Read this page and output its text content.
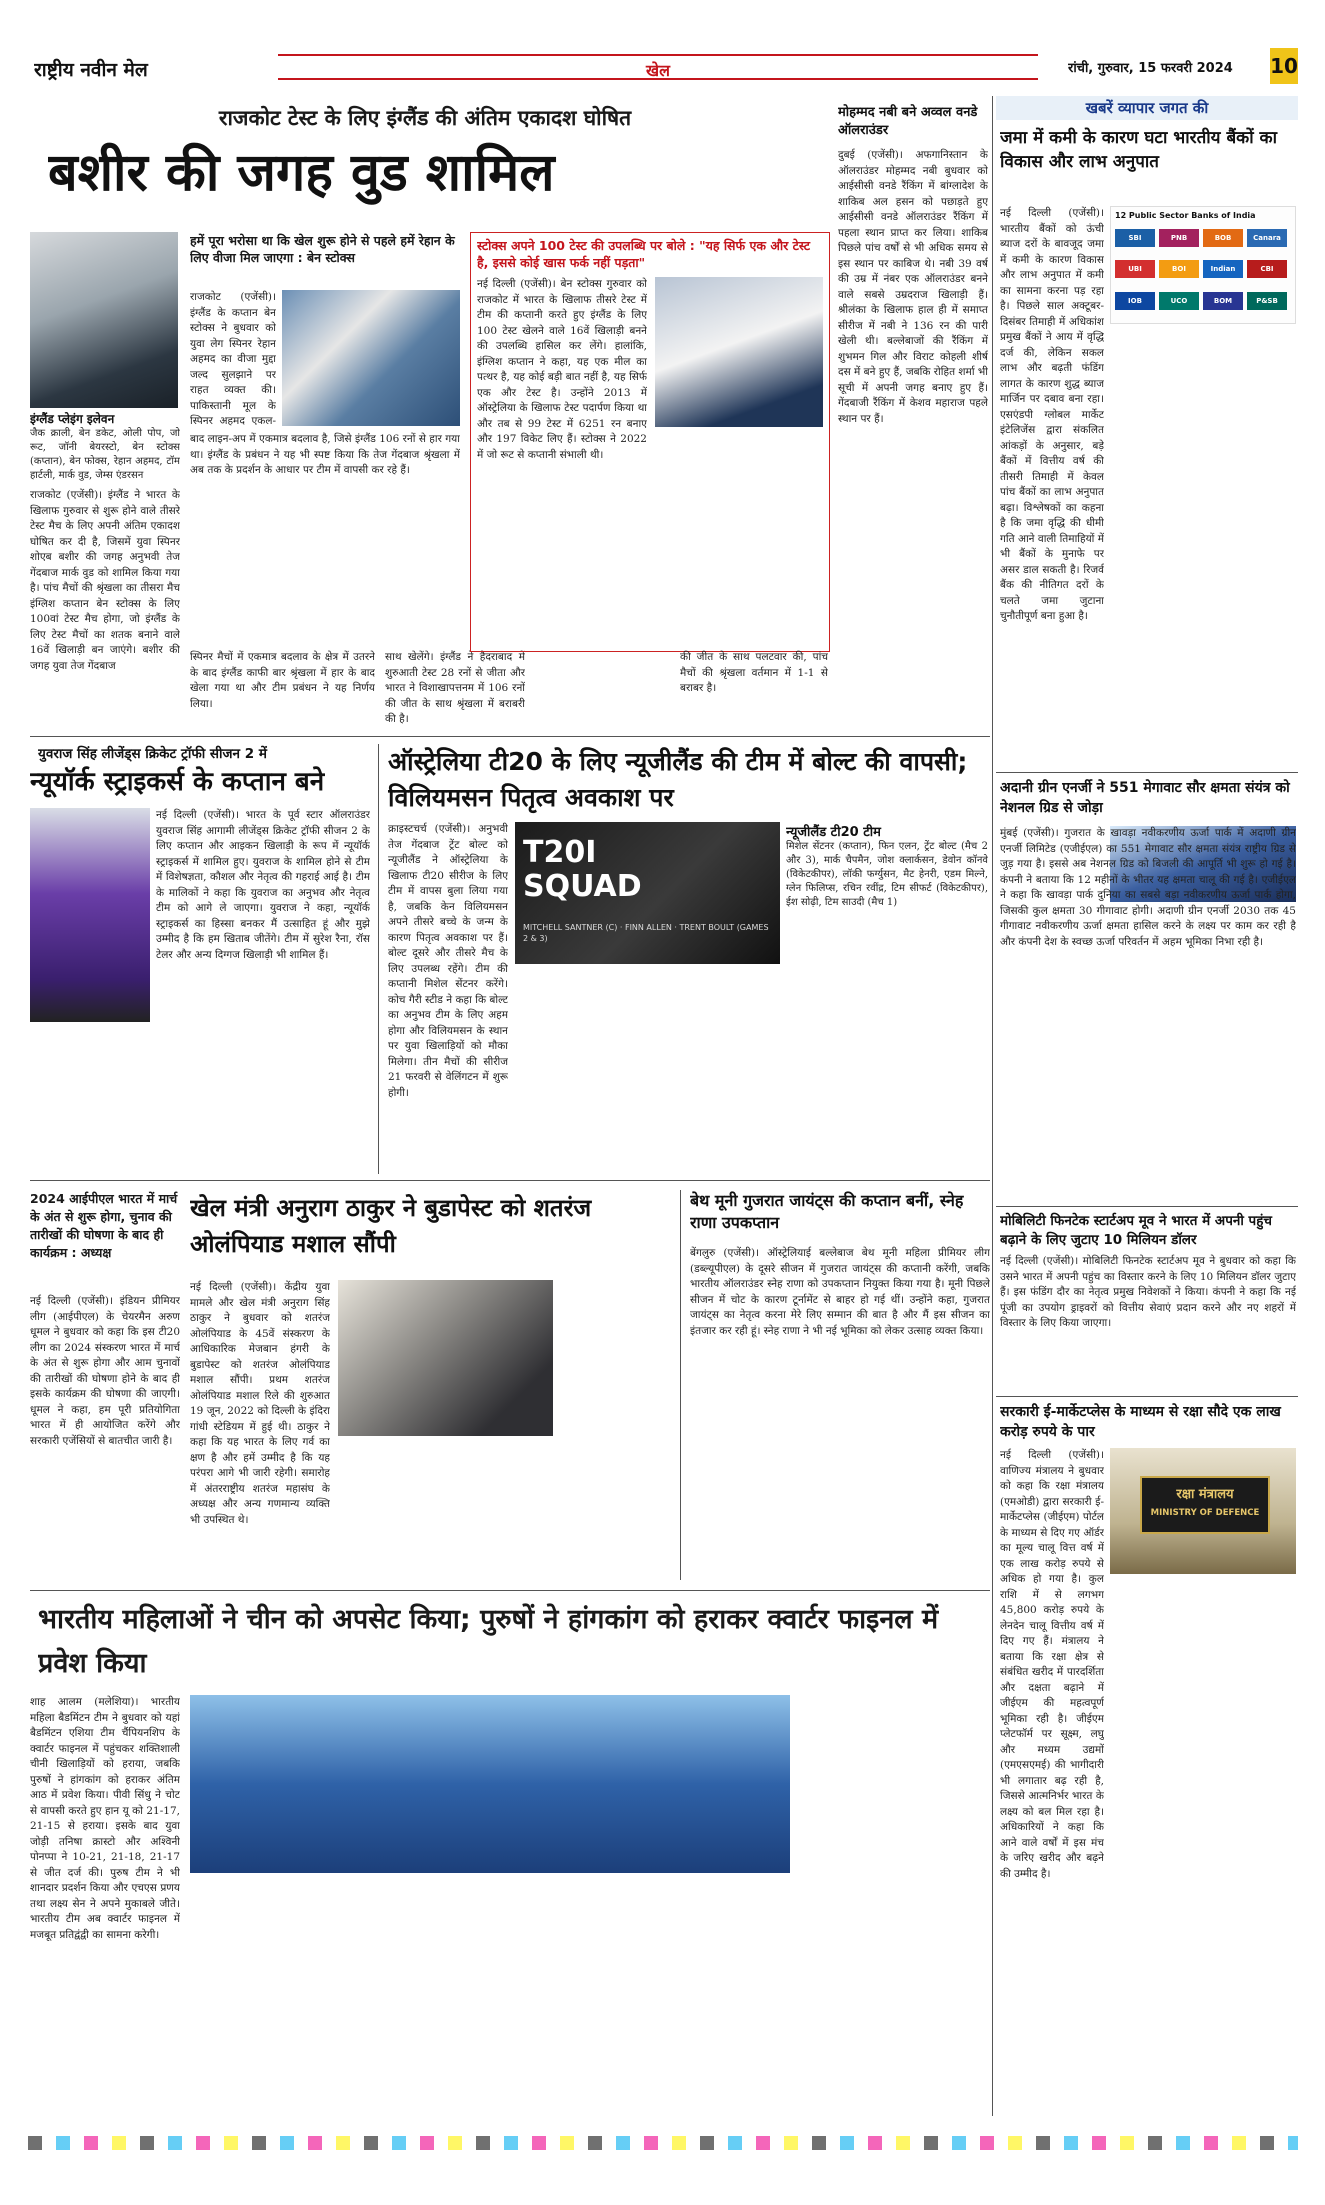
राष्ट्रीय नवीन मेल	खेल	रांची, गुरुवार, 15 फरवरी 2024	10
राजकोट टेस्ट के लिए इंग्लैंड की अंतिम एकादश घोषित
बशीर की जगह वुड शामिल
इंग्लैंड प्लेइंग इलेवन
जैक क्राली, बेन डकेट, ओली पोप, जो रूट, जॉनी बेयरस्टो, बेन स्टोक्स (कप्तान), बेन फोक्स, रेहान अहमद, टॉम हार्टली, मार्क वुड, जेम्स एंडरसन
राजकोट (एजेंसी)। इंग्लैंड ने भारत के खिलाफ गुरुवार से शुरू होने वाले तीसरे टेस्ट मैच के लिए अपनी अंतिम एकादश घोषित कर दी है, जिसमें युवा स्पिनर शोएब बशीर की जगह अनुभवी तेज गेंदबाज मार्क वुड को शामिल किया गया है। पांच मैचों की श्रृंखला का तीसरा मैच इंग्लिश कप्तान बेन स्टोक्स के लिए 100वां टेस्ट मैच होगा, जो इंग्लैंड के लिए टेस्ट मैचों का शतक बनाने वाले 16वें खिलाड़ी बन जाएंगे। बशीर की जगह युवा तेज गेंदबाज
हमें पूरा भरोसा था कि खेल शुरू होने से पहले हमें रेहान के लिए वीजा मिल जाएगा : बेन स्टोक्स
राजकोट (एजेंसी)। इंग्लैंड के कप्तान बेन स्टोक्स ने बुधवार को युवा लेग स्पिनर रेहान अहमद का वीजा मुद्दा जल्द सुलझाने पर राहत व्यक्त की। पाकिस्तानी मूल के स्पिनर अहमद एकल-
बाद लाइन-अप में एकमात्र बदलाव है, जिसे इंग्लैंड 106 रनों से हार गया था। इंग्लैंड के प्रबंधन ने यह भी स्पष्ट किया कि तेज गेंदबाज श्रृंखला में अब तक के प्रदर्शन के आधार पर टीम में वापसी कर रहे हैं।
स्पिनर मैचों में एकमात्र बदलाव के क्षेत्र में उतरने के बाद इंग्लैंड काफी बार श्रृंखला में हार के बाद खेला गया था और टीम प्रबंधन ने यह निर्णय लिया।
साथ खेलेंगे। इंग्लैंड ने हैदराबाद में शुरुआती टेस्ट 28 रनों से जीता और भारत ने विशाखापत्तनम में 106 रनों की जीत के साथ श्रृंखला में बराबरी की है।
स्टोक्स अपने 100 टेस्ट की उपलब्धि पर बोले : "यह सिर्फ एक और टेस्ट है, इससे कोई खास फर्क नहीं पड़ता"
नई दिल्ली (एजेंसी)। बेन स्टोक्स गुरुवार को राजकोट में भारत के खिलाफ तीसरे टेस्ट में टीम की कप्तानी करते हुए इंग्लैंड के लिए 100 टेस्ट खेलने वाले 16वें खिलाड़ी बनने की उपलब्धि हासिल कर लेंगे। हालांकि, इंग्लिश कप्तान ने कहा, यह एक मील का पत्थर है, यह कोई बड़ी बात नहीं है, यह सिर्फ एक और टेस्ट है। उन्होंने 2013 में ऑस्ट्रेलिया के खिलाफ टेस्ट पदार्पण किया था और तब से 99 टेस्ट में 6251 रन बनाए और 197 विकेट लिए हैं। स्टोक्स ने 2022 में जो रूट से कप्तानी संभाली थी।
की जीत के साथ पलटवार की, पांच मैचों की श्रृंखला वर्तमान में 1-1 से बराबर है।
मोहम्मद नबी बने अव्वल वनडे ऑलराउंडर
दुबई (एजेंसी)। अफगानिस्तान के ऑलराउंडर मोहम्मद नबी बुधवार को आईसीसी वनडे रैंकिंग में बांग्लादेश के शाकिब अल हसन को पछाड़ते हुए आईसीसी वनडे ऑलराउंडर रैंकिंग में पहला स्थान प्राप्त कर लिया। शाकिब पिछले पांच वर्षों से भी अधिक समय से इस स्थान पर काबिज थे। नबी 39 वर्ष की उम्र में नंबर एक ऑलराउंडर बनने वाले सबसे उम्रदराज खिलाड़ी हैं। श्रीलंका के खिलाफ हाल ही में समाप्त सीरीज में नबी ने 136 रन की पारी खेली थी। बल्लेबाजों की रैंकिंग में शुभमन गिल और विराट कोहली शीर्ष दस में बने हुए हैं, जबकि रोहित शर्मा भी सूची में अपनी जगह बनाए हुए हैं। गेंदबाजी रैंकिंग में केशव महाराज पहले स्थान पर हैं।
युवराज सिंह लीजेंड्स क्रिकेट ट्रॉफी सीजन 2 में
न्यूयॉर्क स्ट्राइकर्स के कप्तान बने
नई दिल्ली (एजेंसी)। भारत के पूर्व स्टार ऑलराउंडर युवराज सिंह आगामी लीजेंड्स क्रिकेट ट्रॉफी सीजन 2 के लिए कप्तान और आइकन खिलाड़ी के रूप में न्यूयॉर्क स्ट्राइकर्स में शामिल हुए। युवराज के शामिल होने से टीम में विशेषज्ञता, कौशल और नेतृत्व की गहराई आई है। टीम के मालिकों ने कहा कि युवराज का अनुभव और नेतृत्व टीम को आगे ले जाएगा। युवराज ने कहा, न्यूयॉर्क स्ट्राइकर्स का हिस्सा बनकर मैं उत्साहित हूं और मुझे उम्मीद है कि हम खिताब जीतेंगे। टीम में सुरेश रैना, रॉस टेलर और अन्य दिग्गज खिलाड़ी भी शामिल हैं।
ऑस्ट्रेलिया टी20 के लिए न्यूजीलैंड की टीम में बोल्ट की वापसी; विलियमसन पितृत्व अवकाश पर
क्राइस्टचर्च (एजेंसी)। अनुभवी तेज गेंदबाज ट्रेंट बोल्ट को न्यूजीलैंड ने ऑस्ट्रेलिया के खिलाफ टी20 सीरीज के लिए टीम में वापस बुला लिया गया है, जबकि केन विलियमसन अपने तीसरे बच्चे के जन्म के कारण पितृत्व अवकाश पर हैं। बोल्ट दूसरे और तीसरे मैच के लिए उपलब्ध रहेंगे। टीम की कप्तानी मिशेल सेंटनर करेंगे। कोच गैरी स्टीड ने कहा कि बोल्ट का अनुभव टीम के लिए अहम होगा और विलियमसन के स्थान पर युवा खिलाड़ियों को मौका मिलेगा। तीन मैचों की सीरीज 21 फरवरी से वेलिंगटन में शुरू होगी।
T20I SQUAD
MITCHELL SANTNER (C) · FINN ALLEN · TRENT BOULT (GAMES 2 & 3)
न्यूजीलैंड टी20 टीम
मिशेल सेंटनर (कप्तान), फिन एलन, ट्रेंट बोल्ट (मैच 2 और 3), मार्क चैपमैन, जोश क्लार्कसन, डेवोन कॉनवे (विकेटकीपर), लॉकी फर्ग्युसन, मैट हेनरी, एडम मिल्ने, ग्लेन फिलिप्स, रचिन रवींद्र, टिम सीफर्ट (विकेटकीपर), ईश सोढ़ी, टिम साउदी (मैच 1)
2024 आईपीएल भारत में मार्च के अंत से शुरू होगा, चुनाव की तारीखों की घोषणा के बाद ही कार्यक्रम : अध्यक्ष
नई दिल्ली (एजेंसी)। इंडियन प्रीमियर लीग (आईपीएल) के चेयरमैन अरुण धूमल ने बुधवार को कहा कि इस टी20 लीग का 2024 संस्करण भारत में मार्च के अंत से शुरू होगा और आम चुनावों की तारीखों की घोषणा होने के बाद ही इसके कार्यक्रम की घोषणा की जाएगी। धूमल ने कहा, हम पूरी प्रतियोगिता भारत में ही आयोजित करेंगे और सरकारी एजेंसियों से बातचीत जारी है।
खेल मंत्री अनुराग ठाकुर ने बुडापेस्ट को शतरंज ओलंपियाड मशाल सौंपी
नई दिल्ली (एजेंसी)। केंद्रीय युवा मामले और खेल मंत्री अनुराग सिंह ठाकुर ने बुधवार को शतरंज ओलंपियाड के 45वें संस्करण के आधिकारिक मेजबान हंगरी के बुडापेस्ट को शतरंज ओलंपियाड मशाल सौंपी। प्रथम शतरंज ओलंपियाड मशाल रिले की शुरुआत 19 जून, 2022 को दिल्ली के इंदिरा गांधी स्टेडियम में हुई थी। ठाकुर ने कहा कि यह भारत के लिए गर्व का क्षण है और हमें उम्मीद है कि यह परंपरा आगे भी जारी रहेगी। समारोह में अंतरराष्ट्रीय शतरंज महासंघ के अध्यक्ष और अन्य गणमान्य व्यक्ति भी उपस्थित थे।
बेथ मूनी गुजरात जायंट्स की कप्तान बनीं, स्नेह राणा उपकप्तान
बेंगलुरु (एजेंसी)। ऑस्ट्रेलियाई बल्लेबाज बेथ मूनी महिला प्रीमियर लीग (डब्ल्यूपीएल) के दूसरे सीजन में गुजरात जायंट्स की कप्तानी करेंगी, जबकि भारतीय ऑलराउंडर स्नेह राणा को उपकप्तान नियुक्त किया गया है। मूनी पिछले सीजन में चोट के कारण टूर्नामेंट से बाहर हो गई थीं। उन्होंने कहा, गुजरात जायंट्स का नेतृत्व करना मेरे लिए सम्मान की बात है और मैं इस सीजन का इंतजार कर रही हूं। स्नेह राणा ने भी नई भूमिका को लेकर उत्साह व्यक्त किया।
भारतीय महिलाओं ने चीन को अपसेट किया; पुरुषों ने हांगकांग को हराकर क्वार्टर फाइनल में प्रवेश किया
शाह आलम (मलेशिया)। भारतीय महिला बैडमिंटन टीम ने बुधवार को यहां बैडमिंटन एशिया टीम चैंपियनशिप के क्वार्टर फाइनल में पहुंचकर शक्तिशाली चीनी खिलाड़ियों को हराया, जबकि पुरुषों ने हांगकांग को हराकर अंतिम आठ में प्रवेश किया। पीवी सिंधु ने चोट से वापसी करते हुए हान यू को 21-17, 21-15 से हराया। इसके बाद युवा जोड़ी तनिषा क्रास्टो और अश्विनी पोनप्पा ने 10-21, 21-18, 21-17 से जीत दर्ज की। पुरुष टीम ने भी शानदार प्रदर्शन किया और एचएस प्रणय तथा लक्ष्य सेन ने अपने मुकाबले जीते। भारतीय टीम अब क्वार्टर फाइनल में मजबूत प्रतिद्वंद्वी का सामना करेगी।
खबरें व्यापार जगत की
जमा में कमी के कारण घटा भारतीय बैंकों का विकास और लाभ अनुपात
12 Public Sector Banks of India
SBI	PNB	BOB	Canara
UBI	BOI	Indian	CBI
IOB	UCO	BOM	P&SB
नई दिल्ली (एजेंसी)। भारतीय बैंकों को ऊंची ब्याज दरों के बावजूद जमा में कमी के कारण विकास और लाभ अनुपात में कमी का सामना करना पड़ रहा है। पिछले साल अक्टूबर-दिसंबर तिमाही में अधिकांश प्रमुख बैंकों ने आय में वृद्धि दर्ज की, लेकिन सकल लाभ और बढ़ती फंडिंग लागत के कारण शुद्ध ब्याज मार्जिन पर दबाव बना रहा। एसएंडपी ग्लोबल मार्केट इंटेलिजेंस द्वारा संकलित आंकड़ों के अनुसार, बड़े बैंकों में वित्तीय वर्ष की तीसरी तिमाही में केवल पांच बैंकों का लाभ अनुपात बढ़ा। विश्लेषकों का कहना है कि जमा वृद्धि की धीमी गति आने वाली तिमाहियों में भी बैंकों के मुनाफे पर असर डाल सकती है। रिजर्व बैंक की नीतिगत दरों के चलते जमा जुटाना चुनौतीपूर्ण बना हुआ है।
अदानी ग्रीन एनर्जी ने 551 मेगावाट सौर क्षमता संयंत्र को नेशनल ग्रिड से जोड़ा
मुंबई (एजेंसी)। गुजरात के खावड़ा नवीकरणीय ऊर्जा पार्क में अदाणी ग्रीन एनर्जी लिमिटेड (एजीईएल) का 551 मेगावाट सौर क्षमता संयंत्र राष्ट्रीय ग्रिड से जुड़ गया है। इससे अब नेशनल ग्रिड को बिजली की आपूर्ति भी शुरू हो गई है। कंपनी ने बताया कि 12 महीनों के भीतर यह क्षमता चालू की गई है। एजीईएल ने कहा कि खावड़ा पार्क दुनिया का सबसे बड़ा नवीकरणीय ऊर्जा पार्क होगा, जिसकी कुल क्षमता 30 गीगावाट होगी। अदाणी ग्रीन एनर्जी 2030 तक 45 गीगावाट नवीकरणीय ऊर्जा क्षमता हासिल करने के लक्ष्य पर काम कर रही है और कंपनी देश के स्वच्छ ऊर्जा परिवर्तन में अहम भूमिका निभा रही है।
मोबिलिटी फिनटेक स्टार्टअप मूव ने भारत में अपनी पहुंच बढ़ाने के लिए जुटाए 10 मिलियन डॉलर
नई दिल्ली (एजेंसी)। मोबिलिटी फिनटेक स्टार्टअप मूव ने बुधवार को कहा कि उसने भारत में अपनी पहुंच का विस्तार करने के लिए 10 मिलियन डॉलर जुटाए हैं। इस फंडिंग दौर का नेतृत्व प्रमुख निवेशकों ने किया। कंपनी ने कहा कि नई पूंजी का उपयोग ड्राइवरों को वित्तीय सेवाएं प्रदान करने और नए शहरों में विस्तार के लिए किया जाएगा।
सरकारी ई-मार्केटप्लेस के माध्यम से रक्षा सौदे एक लाख करोड़ रुपये के पार
रक्षा मंत्रालय
MINISTRY OF DEFENCE
नई दिल्ली (एजेंसी)। वाणिज्य मंत्रालय ने बुधवार को कहा कि रक्षा मंत्रालय (एमओडी) द्वारा सरकारी ई-मार्केटप्लेस (जीईएम) पोर्टल के माध्यम से दिए गए ऑर्डर का मूल्य चालू वित्त वर्ष में एक लाख करोड़ रुपये से अधिक हो गया है। कुल राशि में से लगभग 45,800 करोड़ रुपये के लेनदेन चालू वित्तीय वर्ष में दिए गए हैं। मंत्रालय ने बताया कि रक्षा क्षेत्र से संबंधित खरीद में पारदर्शिता और दक्षता बढ़ाने में जीईएम की महत्वपूर्ण भूमिका रही है। जीईएम प्लेटफॉर्म पर सूक्ष्म, लघु और मध्यम उद्यमों (एमएसएमई) की भागीदारी भी लगातार बढ़ रही है, जिससे आत्मनिर्भर भारत के लक्ष्य को बल मिल रहा है। अधिकारियों ने कहा कि आने वाले वर्षों में इस मंच के जरिए खरीद और बढ़ने की उम्मीद है।
